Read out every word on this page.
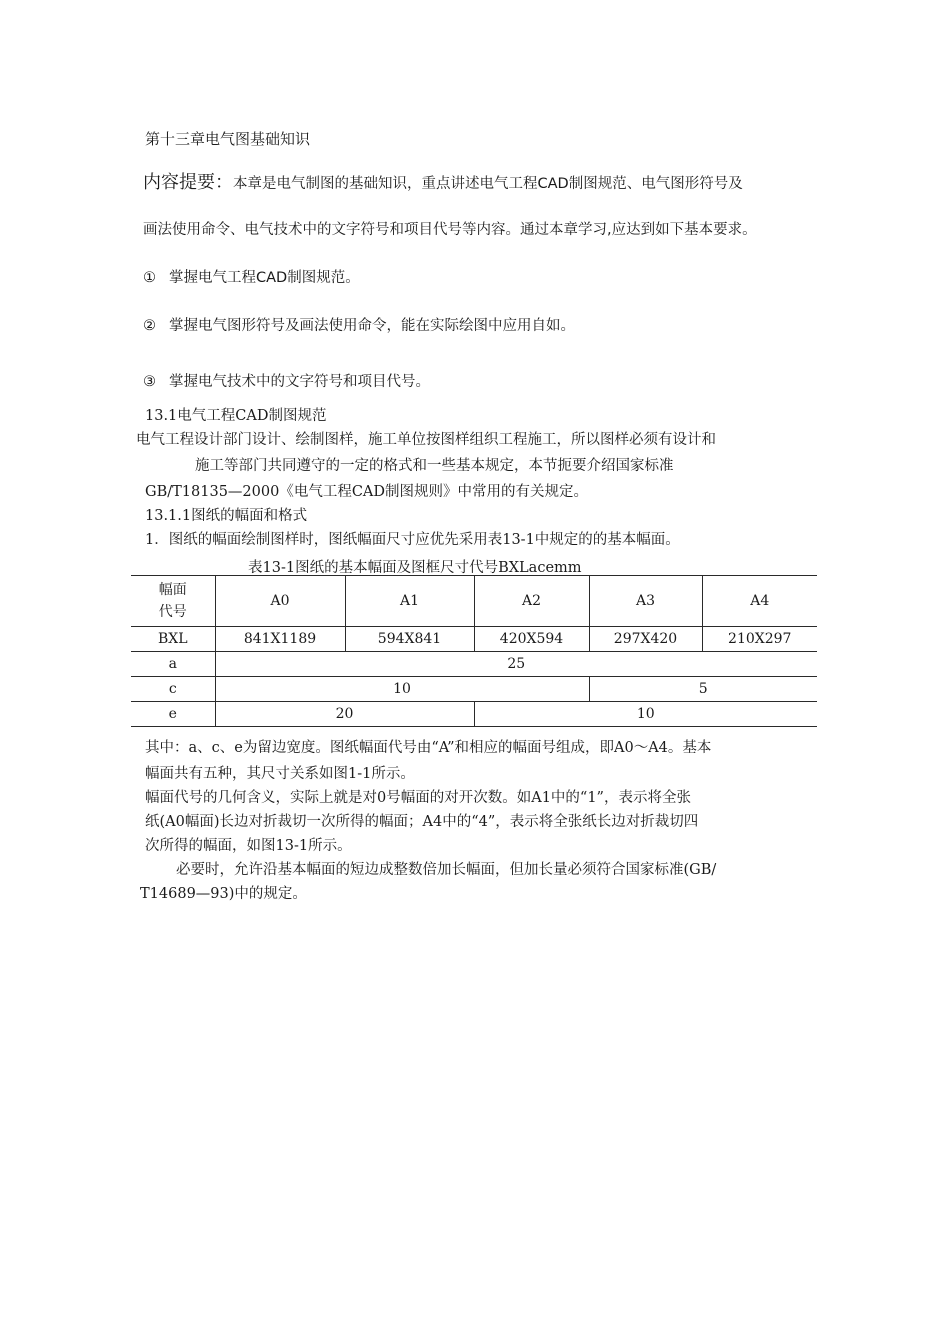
第十三章电气图基础知识
内容提要：本章是电气制图的基础知识，重点讲述电气工程CAD制图规范、电气图形符号及
画法使用命令、电气技术中的文字符号和项目代号等内容。通过本章学习,应达到如下基本要求。
① 掌握电气工程CAD制图规范。
② 掌握电气图形符号及画法使用命令，能在实际绘图中应用自如。
③ 掌握电气技术中的文字符号和项目代号。
13.1电气工程CAD制图规范
电气工程设计部门设计、绘制图样，施工单位按图样组织工程施工，所以图样必须有设计和
施工等部门共同遵守的一定的格式和一些基本规定，本节扼要介绍国家标准
GB/T18135—2000《电气工程CAD制图规则》中常用的有关规定。
13.1.1图纸的幅面和格式
1．图纸的幅面绘制图样时，图纸幅面尺寸应优先采用表13-1中规定的的基本幅面。
表13-1图纸的基本幅面及图框尺寸代号BXLacemm
幅面
代号	A0	A1	A2	A3	A4
BXL	841X1189	594X841	420X594	297X420	210X297
a	25				
c	10			5	
e	20		10		
其中：a、c、e为留边宽度。图纸幅面代号由“A”和相应的幅面号组成，即A0～A4。基本
幅面共有五种，其尺寸关系如图1-1所示。
幅面代号的几何含义，实际上就是对0号幅面的对开次数。如A1中的“1”，表示将全张
纸(A0幅面)长边对折裁切一次所得的幅面；A4中的“4”，表示将全张纸长边对折裁切四
次所得的幅面，如图13-1所示。
必要时，允许沿基本幅面的短边成整数倍加长幅面，但加长量必须符合国家标准(GB/
T14689—93)中的规定。
